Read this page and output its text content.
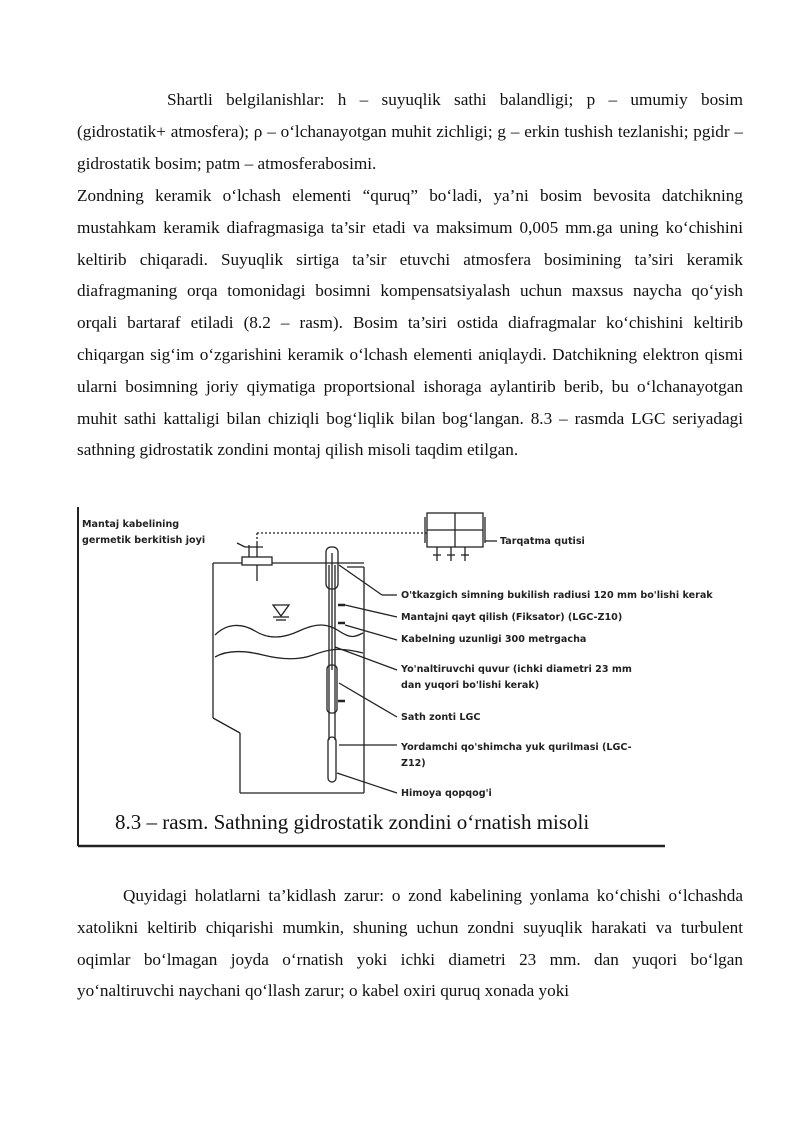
Shartli belgilanishlar: h – suyuqlik sathi balandligi; p – umumiy bosim (gidrostatik+ atmosfera); ρ – oʻlchanayotgan muhit zichligi; g – erkin tushish tezlanishi; pgidr – gidrostatik bosim; patm – atmosferabosimi.

Zondning keramik oʻlchash elementi “quruq” boʻladi, ya’ni bosim bevosita datchikning mustahkam keramik diafragmasiga ta’sir etadi va maksimum 0,005 mm.ga uning koʻchishini keltirib chiqaradi. Suyuqlik sirtiga ta’sir etuvchi atmosfera bosimining ta’siri keramik diafragmaning orqa tomonidagi bosimni kompensatsiyalash uchun maxsus naycha qoʻyish orqali bartaraf etiladi (8.2 – rasm). Bosim ta’siri ostida diafragmalar koʻchishini keltirib chiqargan sigʻim oʻzgarishini keramik oʻlchash elementi aniqlaydi. Datchikning elektron qismi ularni bosimning joriy qiymatiga proportsional ishoraga aylantirib berib, bu oʻlchanayotgan muhit sathi kattaligi bilan chiziqli bogʻliqlik bilan bogʻlangan. 8.3 – rasmda LGC seriyadagi sathning gidrostatik zondini montaj qilish misoli taqdim etilgan.

Mantaj kabelining
germetik berkitish joyi	Tarqatma qutisi
O'tkazgich simning bukilish radiusi 120 mm bo'lishi kerak
Mantajni qayt qilish (Fiksator) (LGC-Z10)
Kabelning uzunligi 300 metrgacha
Yo'naltiruvchi quvur (ichki diametri 23 mm
dan yuqori bo'lishi kerak)
Sath zonti LGC
Yordamchi qo'shimcha yuk qurilmasi (LGC-
Z12)
Himoya qopqog'i
8.3 – rasm. Sathning gidrostatik zondini oʻrnatish misoli

Quyidagi holatlarni ta’kidlash zarur: o zond kabelining yonlama koʻchishi oʻlchashda xatolikni keltirib chiqarishi mumkin, shuning uchun zondni suyuqlik harakati va turbulent oqimlar boʻlmagan joyda oʻrnatish yoki ichki diametri 23 mm. dan yuqori boʻlgan yoʻnaltiruvchi naychani qoʻllash zarur; o kabel oxiri quruq xonada yoki
